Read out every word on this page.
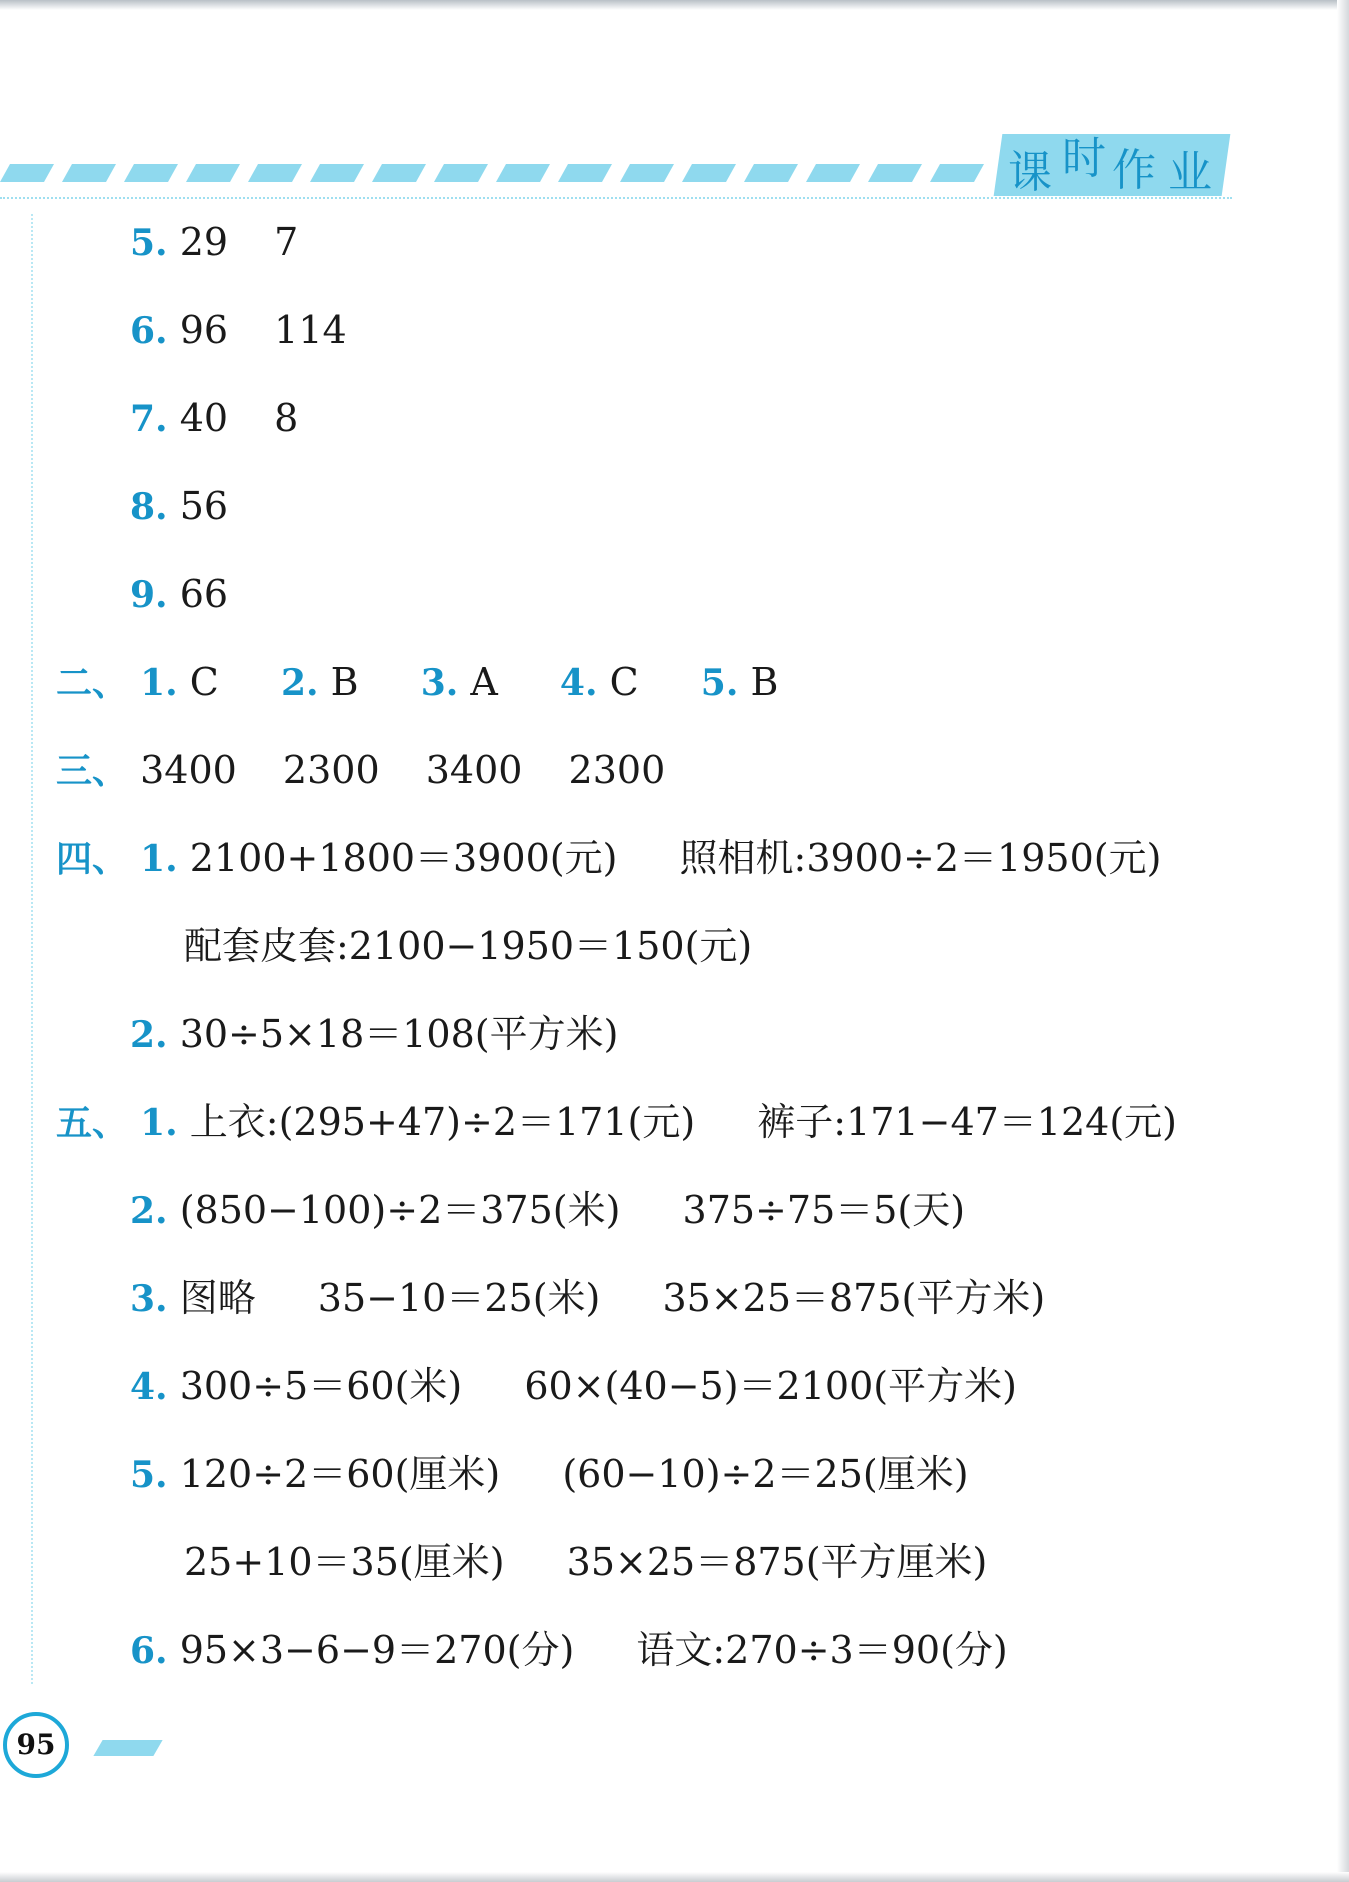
课 时 作 业
5. 29 7
6. 96 114
7. 40 8
8. 56
9. 66
二、 1. C 2. B 3. A 4. C 5. B
三、 3400 2300 3400 2300
四、 1. 2100+1800＝3900(元) 照相机:3900÷2＝1950(元)
配套皮套:2100−1950＝150(元)
2. 30÷5×18＝108(平方米)
五、 1. 上衣:(295+47)÷2＝171(元) 裤子:171−47＝124(元)
2. (850−100)÷2＝375(米) 375÷75＝5(天)
3. 图略 35−10＝25(米) 35×25＝875(平方米)
4. 300÷5＝60(米) 60×(40−5)＝2100(平方米)
5. 120÷2＝60(厘米) (60−10)÷2＝25(厘米)
25+10＝35(厘米) 35×25＝875(平方厘米)
6. 95×3−6−9＝270(分) 语文:270÷3＝90(分)
95
